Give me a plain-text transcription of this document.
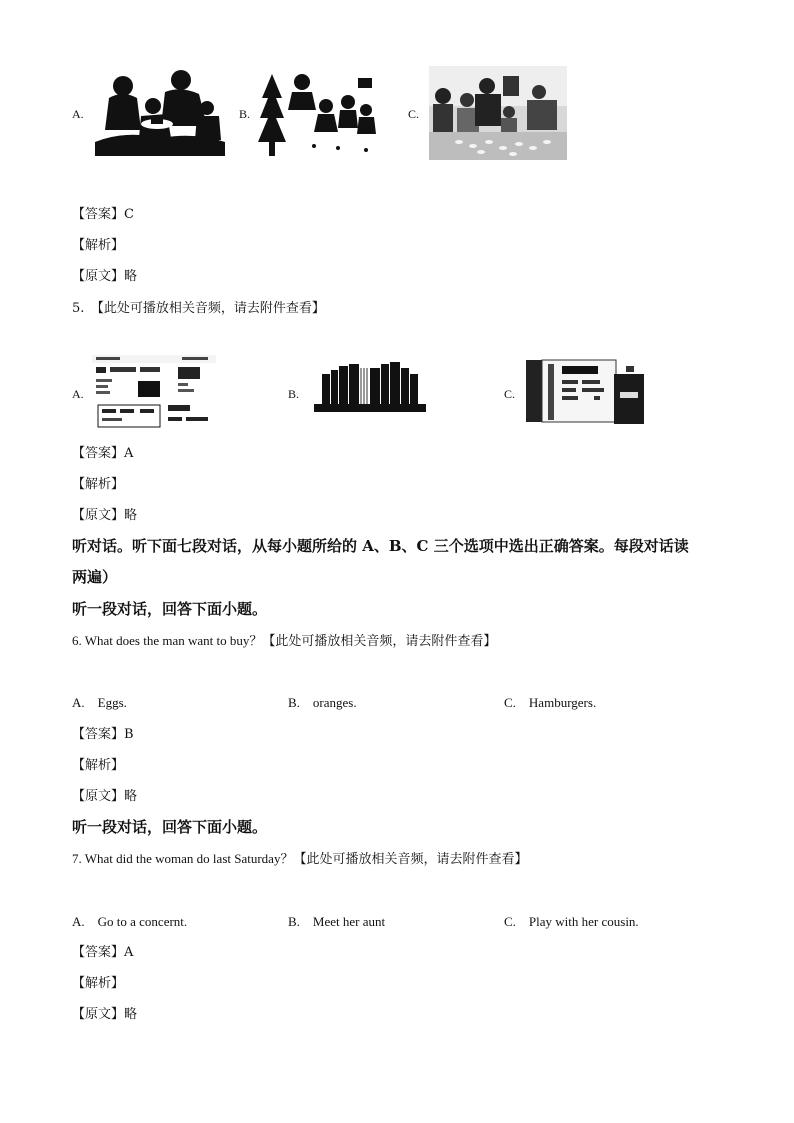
A.	B.	C.
【答案】C
【解析】
【原文】略
5.　【此处可播放相关音频，请去附件查看】
A.	B.	C.
【答案】A
【解析】
【原文】略
听对话。听下面七段对话，从每小题所给的 A、B、C 三个选项中选出正确答案。每段对话读
两遍）
听一段对话，回答下面小题。
6. What does the man want to buy？【此处可播放相关音频，请去附件查看】
A.　Eggs.	B.　oranges.	C.　Hamburgers.
【答案】B
【解析】
【原文】略
听一段对话，回答下面小题。
7. What did the woman do last Saturday？【此处可播放相关音频，请去附件查看】
A.　Go to a concernt.	B.　Meet her aunt	C.　Play with her cousin.
【答案】A
【解析】
【原文】略
